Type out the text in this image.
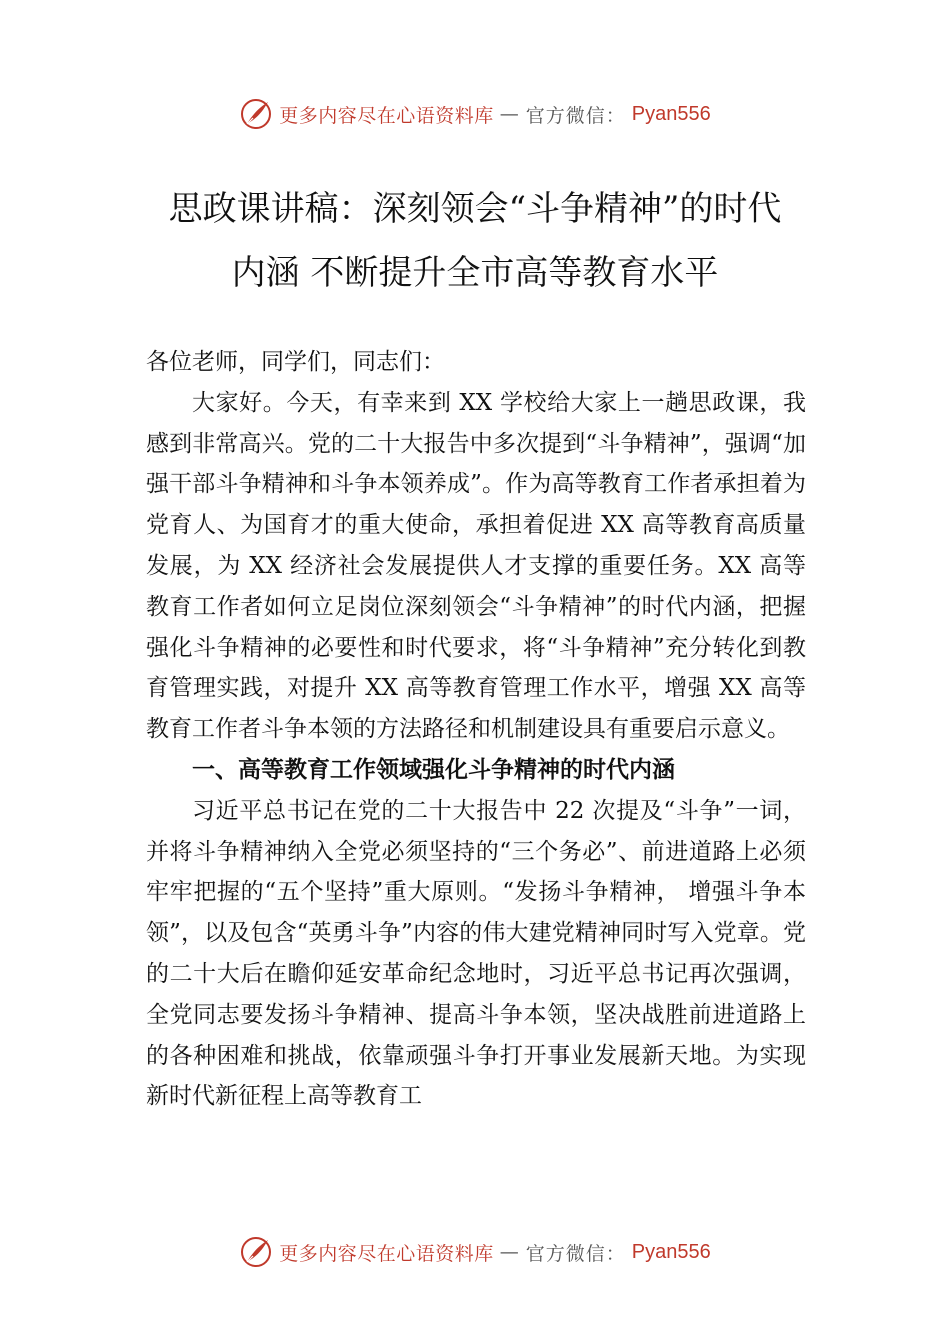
更多内容尽在心语资料库 — 官方微信： Pyan556
思政课讲稿：深刻领会“斗争精神”的时代
内涵 不断提升全市高等教育水平

各位老师，同学们，同志们：

大家好。今天，有幸来到 XX 学校给大家上一趟思政课，我感到非常高兴。党的二十大报告中多次提到“斗争精神”，强调“加强干部斗争精神和斗争本领养成”。作为高等教育工作者承担着为党育人、为国育才的重大使命，承担着促进 XX 高等教育高质量发展，为 XX 经济社会发展提供人才支撑的重要任务。XX 高等教育工作者如何立足岗位深刻领会“斗争精神”的时代内涵，把握强化斗争精神的必要性和时代要求，将“斗争精神”充分转化到教育管理实践，对提升 XX 高等教育管理工作水平，增强 XX 高等教育工作者斗争本领的方法路径和机制建设具有重要启示意义。

一、高等教育工作领域强化斗争精神的时代内涵

习近平总书记在党的二十大报告中 22 次提及“斗争”一词，并将斗争精神纳入全党必须坚持的“三个务必”、前进道路上必须牢牢把握的“五个坚持”重大原则。“发扬斗争精神， 增强斗争本领”，以及包含“英勇斗争”内容的伟大建党精神同时写入党章。党的二十大后在瞻仰延安革命纪念地时，习近平总书记再次强调，全党同志要发扬斗争精神、提高斗争本领，坚决战胜前进道路上的各种困难和挑战，依靠顽强斗争打开事业发展新天地。为实现新时代新征程上高等教育工

更多内容尽在心语资料库 — 官方微信： Pyan556
